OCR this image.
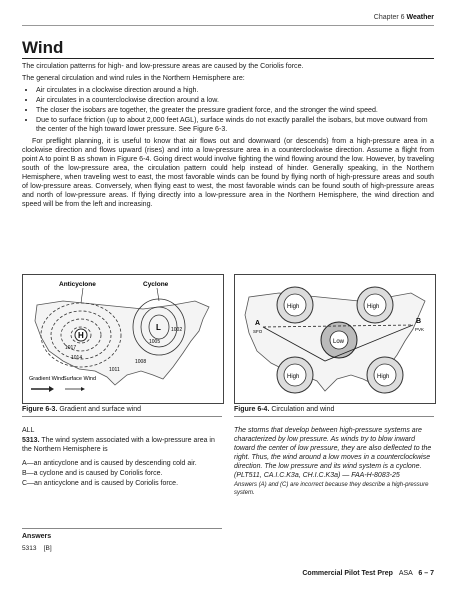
Chapter 6 Weather
Wind

The circulation patterns for high- and low-pressure areas are caused by the Coriolis force.

The general circulation and wind rules in the Northern Hemisphere are:

• Air circulates in a clockwise direction around a high.
• Air circulates in a counterclockwise direction around a low.
• The closer the isobars are together, the greater the pressure gradient force, and the stronger the wind speed.
• Due to surface friction (up to about 2,000 feet AGL), surface winds do not exactly parallel the isobars, but move outward from the center of the high toward lower pressure. See Figure 6-3.

For preflight planning, it is useful to know that air flows out and downward (or descends) from a high-pressure area in a clockwise direction and flows upward (rises) and into a low-pressure area in a counterclockwise direction. Assume a flight from point A to point B as shown in Figure 6-4. Going direct would involve fighting the wind flowing around the low. However, by traveling south of the low-pressure area, the circulation pattern could help instead of hinder. Generally speaking, in the Northern Hemisphere, when traveling west to east, the most favorable winds can be found by flying north of high-pressure areas and south of low-pressure areas. Conversely, when flying east to west, the most favorable winds can be found south of high-pressure areas and north of low-pressure areas. If flying directly into a low-pressure area in the Northern Hemisphere, the wind direction and speed will be from the left and increasing.

H
L
Anticyclone	Cyclone
1017
1014
1011
1008
1005
1002
Gradient Wind
Surface Wind
Figure 6-3. Gradient and surface wind
High	High
High	High
Low
A
SFO
B
PVK
Figure 6-4. Circulation and wind

ALL

5313. The wind system associated with a low-pressure area in the Northern Hemisphere is

A—an anticyclone and is caused by descending cold air.

B—a cyclone and is caused by Coriolis force.

C—an anticyclone and is caused by Coriolis force.

The storms that develop between high-pressure systems are characterized by low pressure. As winds try to blow inward toward the center of low pressure, they are also deflected to the right. Thus, the wind around a low moves in a counterclockwise direction. The low pressure and its wind system is a cyclone. (PLT511, CA.I.C.K3a, CH.I.C.K3a) — FAA-H-8083-25

Answers (A) and (C) are incorrect because they describe a high-pressure system.

Answers
5313    [B]
Commercial Pilot Test Prep ASA 6 – 7
